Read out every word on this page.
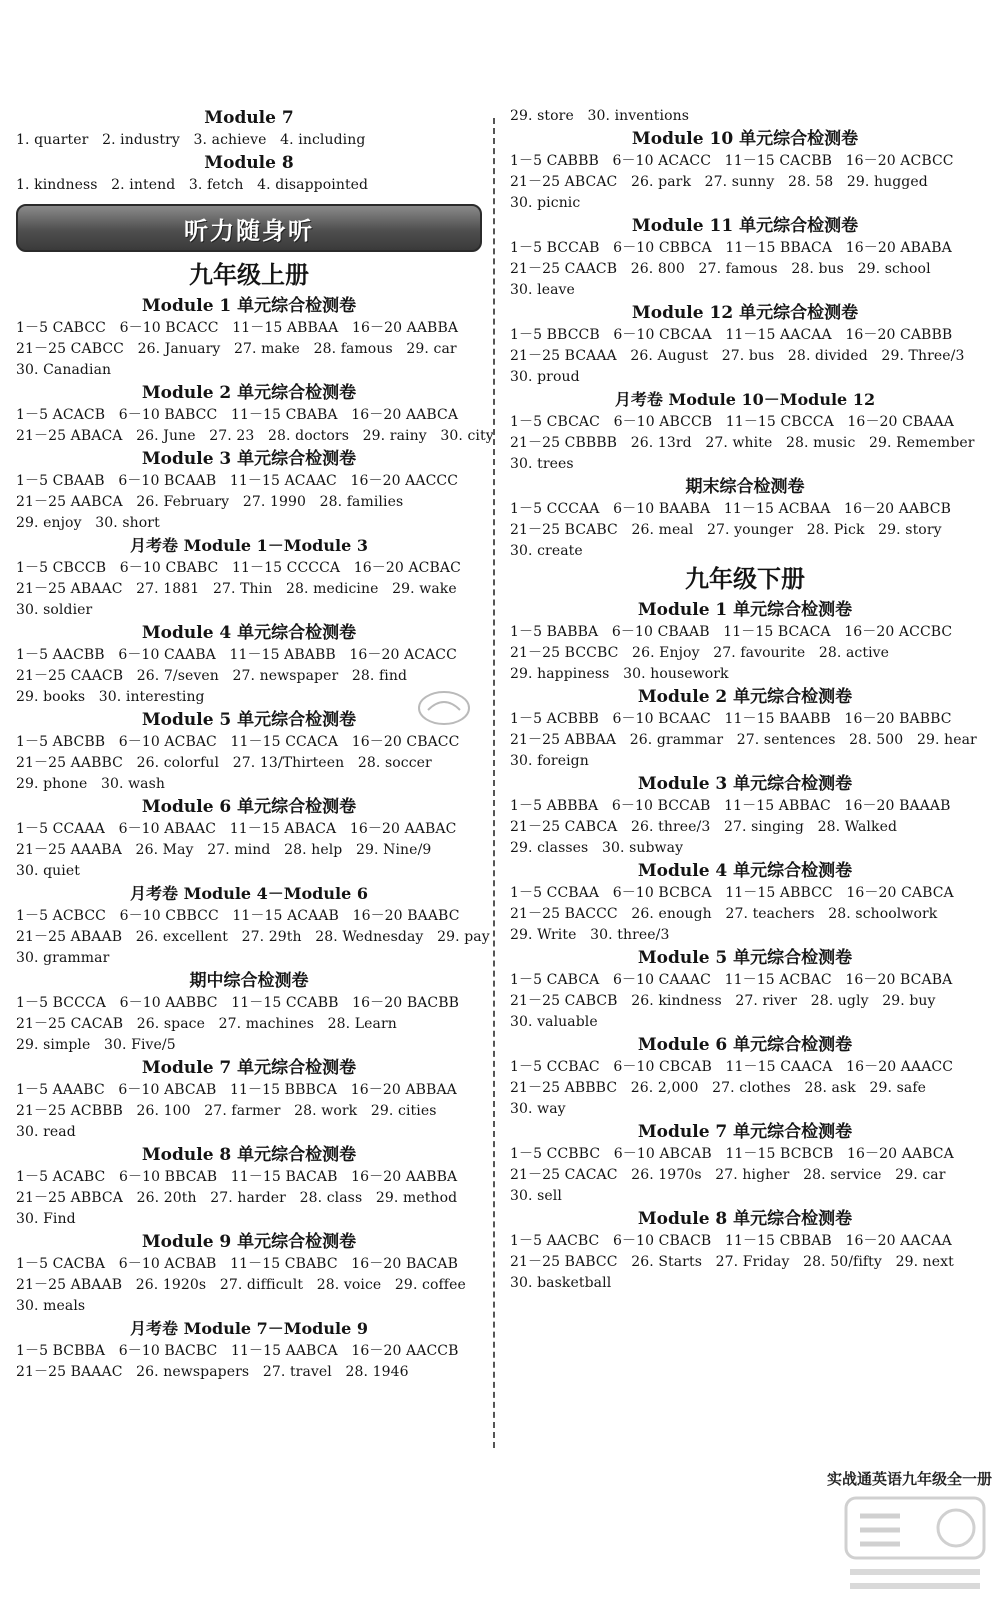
Module 7
1. quarter   2. industry   3. achieve   4. including
Module 8
1. kindness   2. intend   3. fetch   4. disappointed
听力随身听
九年级上册
Module 1 单元综合检测卷
1－5 CABCC   6－10 BCACC   11－15 ABBAA   16－20 AABBA
21－25 CABCC   26. January   27. make   28. famous   29. car
30. Canadian
Module 2 单元综合检测卷
1－5 ACACB   6－10 BABCC   11－15 CBABA   16－20 AABCA
21－25 ABACA   26. June   27. 23   28. doctors   29. rainy   30. city
Module 3 单元综合检测卷
1－5 CBAAB   6－10 BCAAB   11－15 ACAAC   16－20 AACCC
21－25 AABCA   26. February   27. 1990   28. families
29. enjoy   30. short
月考卷 Module 1－Module 3
1－5 CBCCB   6－10 CBABC   11－15 CCCCA   16－20 ACBAC
21－25 ABAAC   27. 1881   27. Thin   28. medicine   29. wake
30. soldier
Module 4 单元综合检测卷
1－5 AACBB   6－10 CAABA   11－15 ABABB   16－20 ACACC
21－25 CAACB   26. 7/seven   27. newspaper   28. find
29. books   30. interesting
Module 5 单元综合检测卷
1－5 ABCBB   6－10 ACBAC   11－15 CCACA   16－20 CBACC
21－25 AABBC   26. colorful   27. 13/Thirteen   28. soccer
29. phone   30. wash
Module 6 单元综合检测卷
1－5 CCAAA   6－10 ABAAC   11－15 ABACA   16－20 AABAC
21－25 AAABA   26. May   27. mind   28. help   29. Nine/9
30. quiet
月考卷 Module 4－Module 6
1－5 ACBCC   6－10 CBBCC   11－15 ACAAB   16－20 BAABC
21－25 ABAAB   26. excellent   27. 29th   28. Wednesday   29. pay
30. grammar
期中综合检测卷
1－5 BCCCA   6－10 AABBC   11－15 CCABB   16－20 BACBB
21－25 CACAB   26. space   27. machines   28. Learn
29. simple   30. Five/5
Module 7 单元综合检测卷
1－5 AAABC   6－10 ABCAB   11－15 BBBCA   16－20 ABBAA
21－25 ACBBB   26. 100   27. farmer   28. work   29. cities
30. read
Module 8 单元综合检测卷
1－5 ACABC   6－10 BBCAB   11－15 BACAB   16－20 AABBA
21－25 ABBCA   26. 20th   27. harder   28. class   29. method
30. Find
Module 9 单元综合检测卷
1－5 CACBA   6－10 ACBAB   11－15 CBABC   16－20 BACAB
21－25 ABAAB   26. 1920s   27. difficult   28. voice   29. coffee
30. meals
月考卷 Module 7－Module 9
1－5 BCBBA   6－10 BACBC   11－15 AABCA   16－20 AACCB
21－25 BAAAC   26. newspapers   27. travel   28. 1946
29. store   30. inventions
Module 10 单元综合检测卷
1－5 CABBB   6－10 ACACC   11－15 CACBB   16－20 ACBCC
21－25 ABCAC   26. park   27. sunny   28. 58   29. hugged
30. picnic
Module 11 单元综合检测卷
1－5 BCCAB   6－10 CBBCA   11－15 BBACA   16－20 ABABA
21－25 CAACB   26. 800   27. famous   28. bus   29. school
30. leave
Module 12 单元综合检测卷
1－5 BBCCB   6－10 CBCAA   11－15 AACAA   16－20 CABBB
21－25 BCAAA   26. August   27. bus   28. divided   29. Three/3
30. proud
月考卷 Module 10－Module 12
1－5 CBCAC   6－10 ABCCB   11－15 CBCCA   16－20 CBAAA
21－25 CBBBB   26. 13rd   27. white   28. music   29. Remember
30. trees
期末综合检测卷
1－5 CCCAA   6－10 BAABA   11－15 ACBAA   16－20 AABCB
21－25 BCABC   26. meal   27. younger   28. Pick   29. story
30. create
九年级下册
Module 1 单元综合检测卷
1－5 BABBA   6－10 CBAAB   11－15 BCACA   16－20 ACCBC
21－25 BCCBC   26. Enjoy   27. favourite   28. active
29. happiness   30. housework
Module 2 单元综合检测卷
1－5 ACBBB   6－10 BCAAC   11－15 BAABB   16－20 BABBC
21－25 ABBAA   26. grammar   27. sentences   28. 500   29. hear
30. foreign
Module 3 单元综合检测卷
1－5 ABBBA   6－10 BCCAB   11－15 ABBAC   16－20 BAAAB
21－25 CABCA   26. three/3   27. singing   28. Walked
29. classes   30. subway
Module 4 单元综合检测卷
1－5 CCBAA   6－10 BCBCA   11－15 ABBCC   16－20 CABCA
21－25 BACCC   26. enough   27. teachers   28. schoolwork
29. Write   30. three/3
Module 5 单元综合检测卷
1－5 CABCA   6－10 CAAAC   11－15 ACBAC   16－20 BCABA
21－25 CABCB   26. kindness   27. river   28. ugly   29. buy
30. valuable
Module 6 单元综合检测卷
1－5 CCBAC   6－10 CBCAB   11－15 CAACA   16－20 AAACC
21－25 ABBBC   26. 2,000   27. clothes   28. ask   29. safe
30. way
Module 7 单元综合检测卷
1－5 CCBBC   6－10 ABCAB   11－15 BCBCB   16－20 AABCA
21－25 CACAC   26. 1970s   27. higher   28. service   29. car
30. sell
Module 8 单元综合检测卷
1－5 AACBC   6－10 CBACB   11－15 CBBAB   16－20 AACAA
21－25 BABCC   26. Starts   27. Friday   28. 50/fifty   29. next
30. basketball
实战通英语九年级全一册
